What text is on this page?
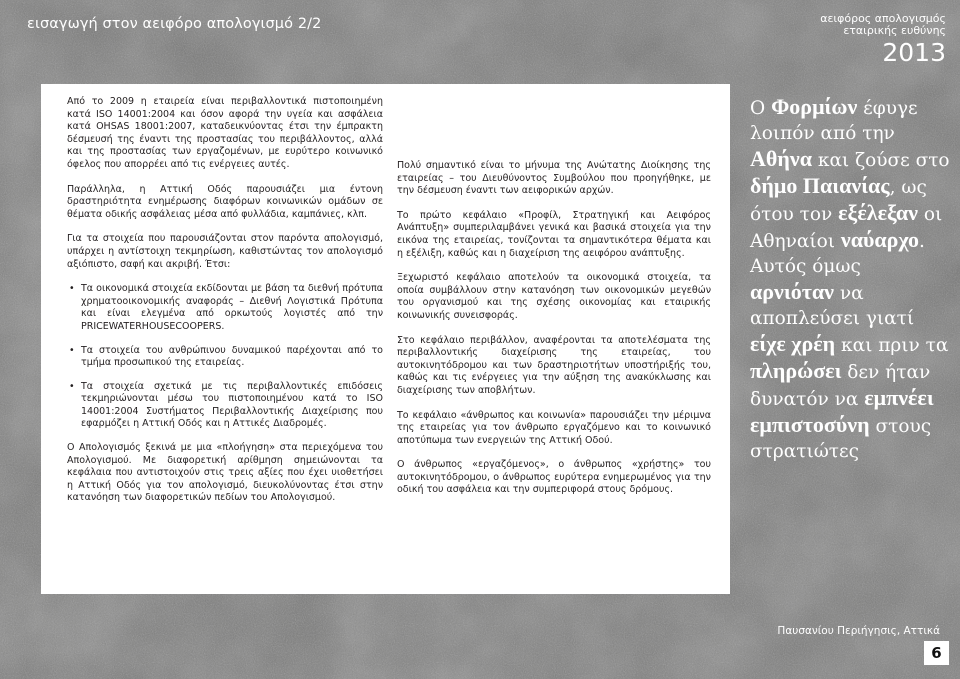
εισαγωγή στον αειφόρο απολογισμό 2/2	αειφόρος απολογισμός
εταιρικής ευθύνης
2013

Από το 2009 η εταιρεία είναι περιβαλλοντικά πιστοποιημένη κατά ISO 14001:2004 και όσον αφορά την υγεία και ασφάλεια κατά OHSAS 18001:2007, καταδεικνύοντας έτσι την έμπρακτη δέσμευσή της έναντι της προστασίας του περιβάλλοντος, αλλά και της προστασίας των εργαζομένων, με ευρύτερο κοινωνικό όφελος που απορρέει από τις ενέργειες αυτές.

Παράλληλα, η Αττική Οδός παρουσιάζει μια έντονη δραστηριότητα ενημέρωσης διαφόρων κοινωνικών ομάδων σε θέματα οδικής ασφάλειας μέσα από φυλλάδια, καμπάνιες, κλπ.

Για τα στοιχεία που παρουσιάζονται στον παρόντα απολογισμό, υπάρχει η αντίστοιχη τεκμηρίωση, καθιστώντας τον απολογισμό αξιόπιστο, σαφή και ακριβή. Έτσι:

• Τα οικονομικά στοιχεία εκδίδονται με βάση τα διεθνή πρότυπα χρηματοοικονομικής αναφοράς – Διεθνή Λογιστικά Πρότυπα και είναι ελεγμένα από ορκωτούς λογιστές από την PRICEWATERHOUSECOOPERS.
• Τα στοιχεία του ανθρώπινου δυναμικού παρέχονται από το τμήμα προσωπικού της εταιρείας.
• Τα στοιχεία σχετικά με τις περιβαλλοντικές επιδόσεις τεκμηριώνονται μέσω του πιστοποιημένου κατά το ISO 14001:2004 Συστήματος Περιβαλλοντικής Διαχείρισης που εφαρμόζει η Αττική Οδός και η Αττικές Διαδρομές.

Ο Απολογισμός ξεκινά με μια «πλοήγηση» στα περιεχόμενα του Απολογισμού. Με διαφορετική αρίθμηση σημειώνονται τα κεφάλαια που αντιστοιχούν στις τρεις αξίες που έχει υιοθετήσει η Αττική Οδός για τον απολογισμό, διευκολύνοντας έτσι στην κατανόηση των διαφορετικών πεδίων του Απολογισμού.

Πολύ σημαντικό είναι το μήνυμα της Ανώτατης Διοίκησης της εταιρείας – του Διευθύνοντος Συμβούλου που προηγήθηκε, με την δέσμευση έναντι των αειφορικών αρχών.

Το πρώτο κεφάλαιο «Προφίλ, Στρατηγική και Αειφόρος Ανάπτυξη» συμπεριλαμβάνει γενικά και βασικά στοιχεία για την εικόνα της εταιρείας, τονίζονται τα σημαντικότερα θέματα και η εξέλιξη, καθώς και η διαχείριση της αειφόρου ανάπτυξης.

Ξεχωριστό κεφάλαιο αποτελούν τα οικονομικά στοιχεία, τα οποία συμβάλλουν στην κατανόηση των οικονομικών μεγεθών του οργανισμού και της σχέσης οικονομίας και εταιρικής κοινωνικής συνεισφοράς.

Στο κεφάλαιο περιβάλλον, αναφέρονται τα αποτελέσματα της περιβαλλοντικής διαχείρισης της εταιρείας, του αυτοκινητόδρομου και των δραστηριοτήτων υποστήριξής του, καθώς και τις ενέργειες για την αύξηση της ανακύκλωσης και διαχείρισης των αποβλήτων.

Το κεφάλαιο «άνθρωπος και κοινωνία» παρουσιάζει την μέριμνα της εταιρείας για τον άνθρωπο εργαζόμενο και το κοινωνικό αποτύπωμα των ενεργειών της Αττική Οδού.

Ο άνθρωπος «εργαζόμενος», ο άνθρωπος «χρήστης» του αυτοκινητόδρομου, ο άνθρωπος ευρύτερα ενημερωμένος για την οδική του ασφάλεια και την συμπεριφορά στους δρόμους.

Ο Φορμίων έφυγε λοιπόν από την Αθήνα και ζούσε στο δήμο Παιανίας, ως ότου τον εξέλεξαν οι Αθηναίοι ναύαρχο. Αυτός όμως αρνιόταν να αποπλεύσει γιατί είχε χρέη και πριν τα πληρώσει δεν ήταν δυνατόν να εμπνέει εμπιστοσύνη στους στρατιώτες
Παυσανίου Περιήγησις, Αττικά
6
